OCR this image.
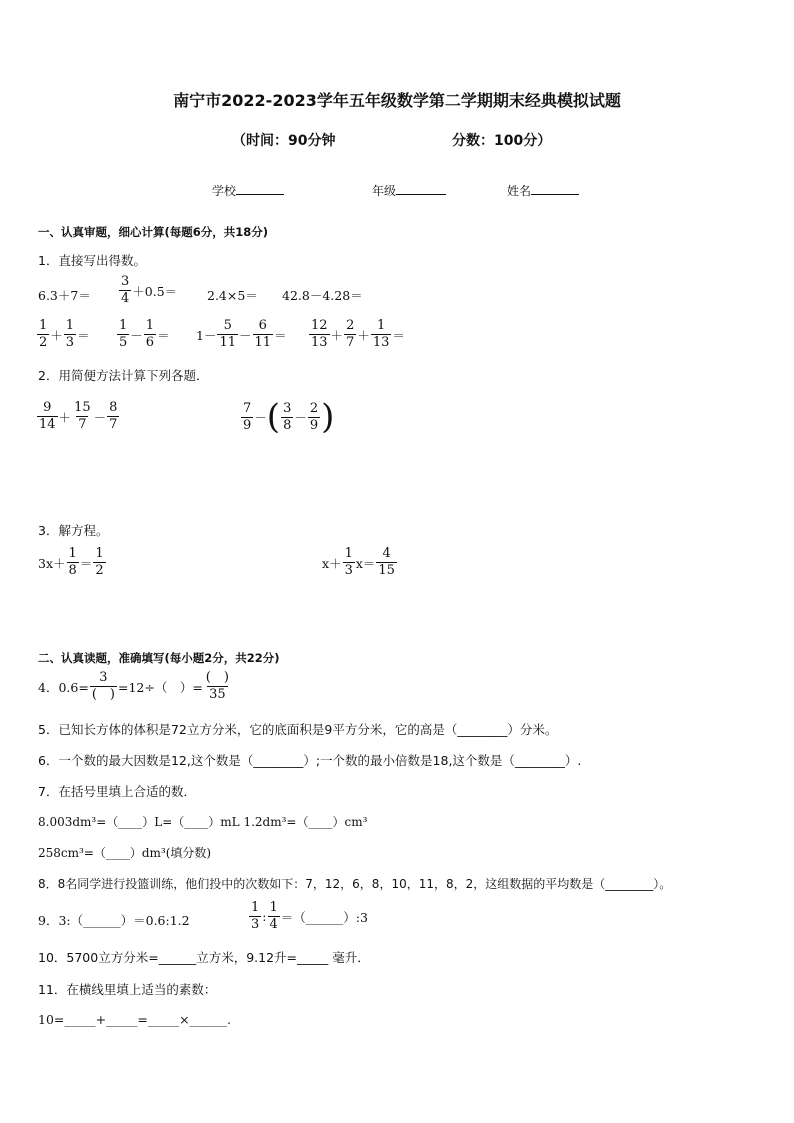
南宁市2022-2023学年五年级数学第二学期期末经典模拟试题
（时间：90分钟	分数：100分）
学校	年级	姓名
一、认真审题，细心计算(每题6分，共18分)
1．直接写出得数。
$6.3+7= \frac{3}{4} +0.5= 2.4\times 5= 42.8-4.28=$
$\frac{1}{2} + \frac{1}{3} = \frac{1}{5} - \frac{1}{6} = 1- \frac{5}{11} - \frac{6}{11} = \frac{12}{13} + \frac{2}{7} + \frac{1}{13}$ ＝
2．用简便方法计算下列各题．
$\frac{9}{14} + \frac{15}{7} - \frac{8}{7}$	$\frac{7}{9}$ － ( $\frac{3}{8} - \frac{2}{9}$ )
3．解方程。
$3x+ \frac{1}{8} = \frac{1}{2}$	$x+ \frac{1}{3} x= \frac{4}{15}$
二、认真读题，准确填写(每小题2分，共22分)
4．$0.6= \frac{3}{( )} =12\div$（　）= $\frac{( )}{35}$
5．已知长方体的体积是72立方分米，它的底面积是9平方分米，它的高是（________）分米。
6．一个数的最大因数是12,这个数是（________）;一个数的最小倍数是18,这个数是（________）.
7．在括号里填上合适的数．
8.003dm³=（____）L=（____）mL 1.2dm³=（____）cm³
258cm³=（____）dm³(填分数)
8．8名同学进行投篮训练，他们投中的次数如下：7，12，6，8，10，11，8，2，这组数据的平均数是（________）。
9．3:（______）＝0.6:1.2	$\frac{1}{3}$ : $\frac{1}{4}$ ＝（______）:3
10．5700立方分米=______立方米，9.12升=_____ 毫升．
11．在横线里填上适当的素数：
10=_____+_____=_____×______.
